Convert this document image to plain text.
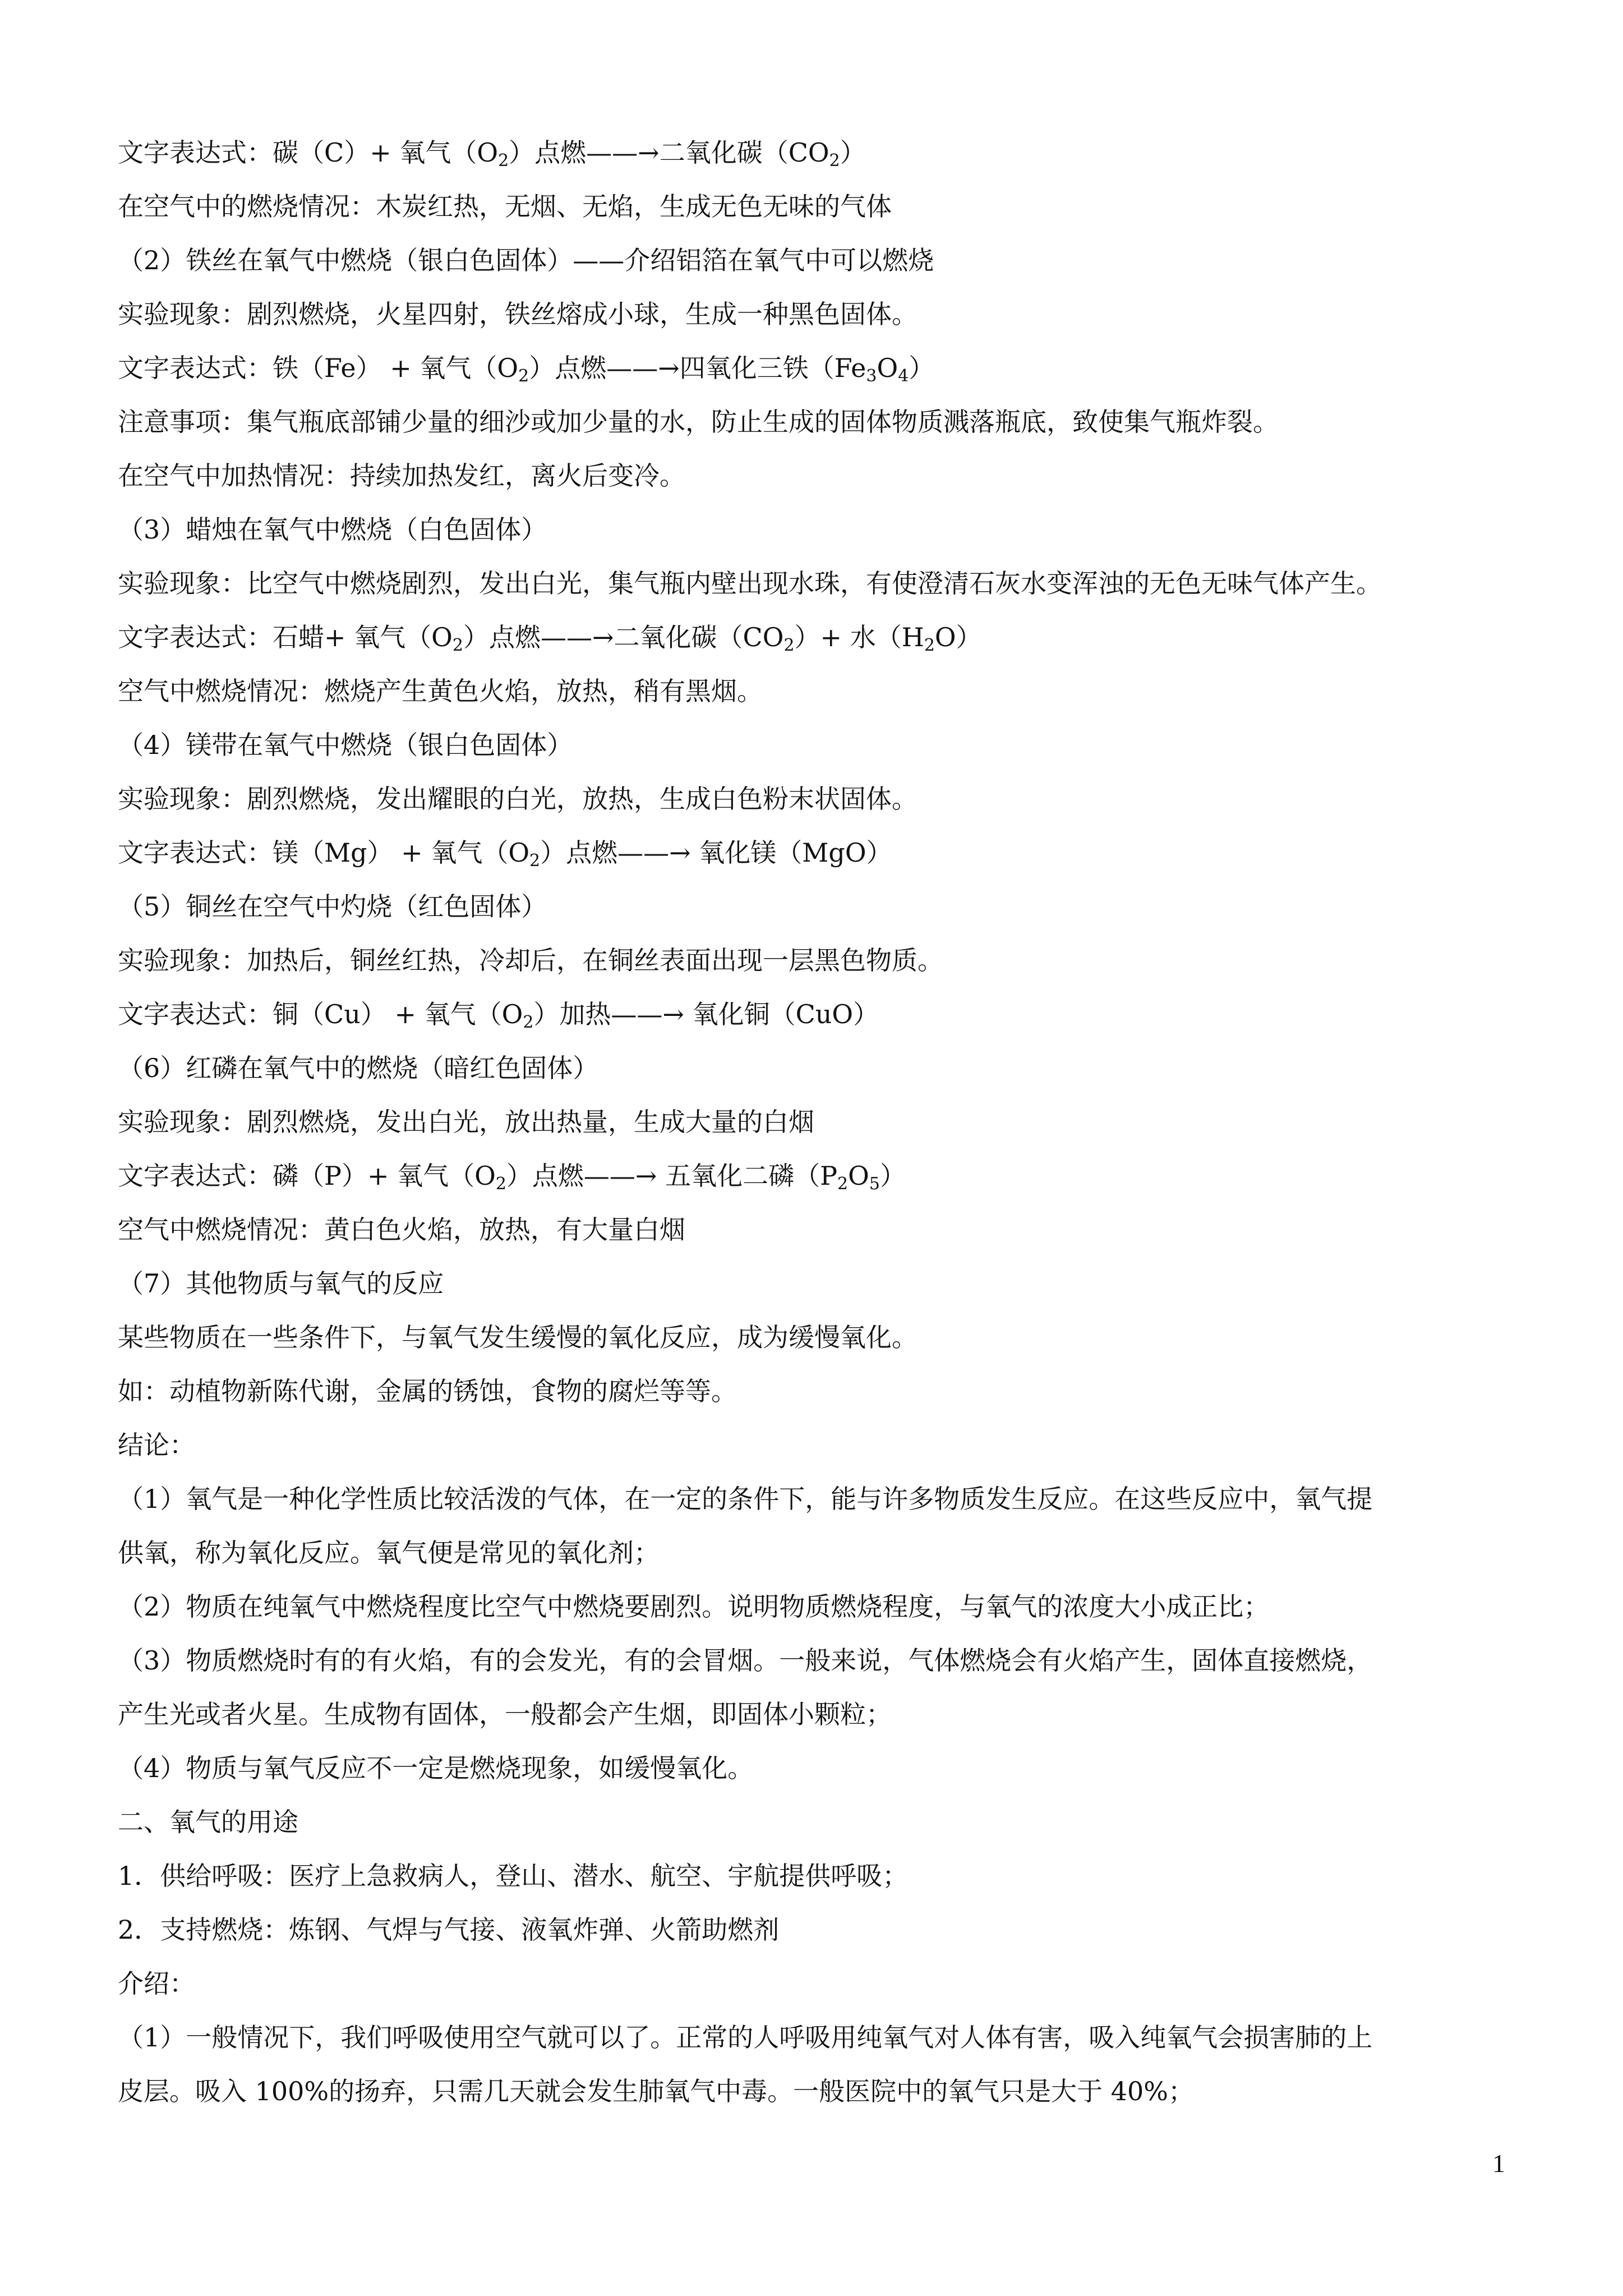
文字表达式：碳（C）+ 氧气$(O_2)$点燃——→二氧化碳$(CO_2)$
在空气中的燃烧情况：木炭红热，无烟、无焰，生成无色无味的气体
（2）铁丝在氧气中燃烧（银白色固体）——介绍铝箔在氧气中可以燃烧
实验现象：剧烈燃烧，火星四射，铁丝熔成小球，生成一种黑色固体。
文字表达式：铁（Fe） + 氧气$(O_2)$点燃——→四氧化三铁$(Fe_3O_4)$
注意事项：集气瓶底部铺少量的细沙或加少量的水，防止生成的固体物质溅落瓶底，致使集气瓶炸裂。
在空气中加热情况：持续加热发红，离火后变冷。
（3）蜡烛在氧气中燃烧（白色固体）
实验现象：比空气中燃烧剧烈，发出白光，集气瓶内壁出现水珠，有使澄清石灰水变浑浊的无色无味气体产生。
文字表达式：石蜡+ 氧气$(O_2)$点燃——→二氧化碳$(CO_2)+$ 水$(H_2O)$
空气中燃烧情况：燃烧产生黄色火焰，放热，稍有黑烟。
（4）镁带在氧气中燃烧（银白色固体）
实验现象：剧烈燃烧，发出耀眼的白光，放热，生成白色粉末状固体。
文字表达式：镁（Mg） + 氧气$(O_2)$点燃——→ 氧化镁（MgO）
（5）铜丝在空气中灼烧（红色固体）
实验现象：加热后，铜丝红热，冷却后，在铜丝表面出现一层黑色物质。
文字表达式：铜（Cu） + 氧气$(O_2)$加热——→ 氧化铜（CuO）
（6）红磷在氧气中的燃烧（暗红色固体）
实验现象：剧烈燃烧，发出白光，放出热量，生成大量的白烟
文字表达式：磷（P）+ 氧气$(O_2)$点燃——→ 五氧化二磷$(P_2O_5)$
空气中燃烧情况：黄白色火焰，放热，有大量白烟
（7）其他物质与氧气的反应
某些物质在一些条件下，与氧气发生缓慢的氧化反应，成为缓慢氧化。
如：动植物新陈代谢，金属的锈蚀，食物的腐烂等等。
结论：
（1）氧气是一种化学性质比较活泼的气体，在一定的条件下，能与许多物质发生反应。在这些反应中，氧气提
供氧，称为氧化反应。氧气便是常见的氧化剂；
（2）物质在纯氧气中燃烧程度比空气中燃烧要剧烈。说明物质燃烧程度，与氧气的浓度大小成正比；
（3）物质燃烧时有的有火焰，有的会发光，有的会冒烟。一般来说，气体燃烧会有火焰产生，固体直接燃烧，
产生光或者火星。生成物有固体，一般都会产生烟，即固体小颗粒；
（4）物质与氧气反应不一定是燃烧现象，如缓慢氧化。
二、氧气的用途
1．供给呼吸：医疗上急救病人，登山、潜水、航空、宇航提供呼吸；
2．支持燃烧：炼钢、气焊与气接、液氧炸弹、火箭助燃剂
介绍：
（1）一般情况下，我们呼吸使用空气就可以了。正常的人呼吸用纯氧气对人体有害，吸入纯氧气会损害肺的上
皮层。吸入 100%的扬弃，只需几天就会发生肺氧气中毒。一般医院中的氧气只是大于 40%；
1
